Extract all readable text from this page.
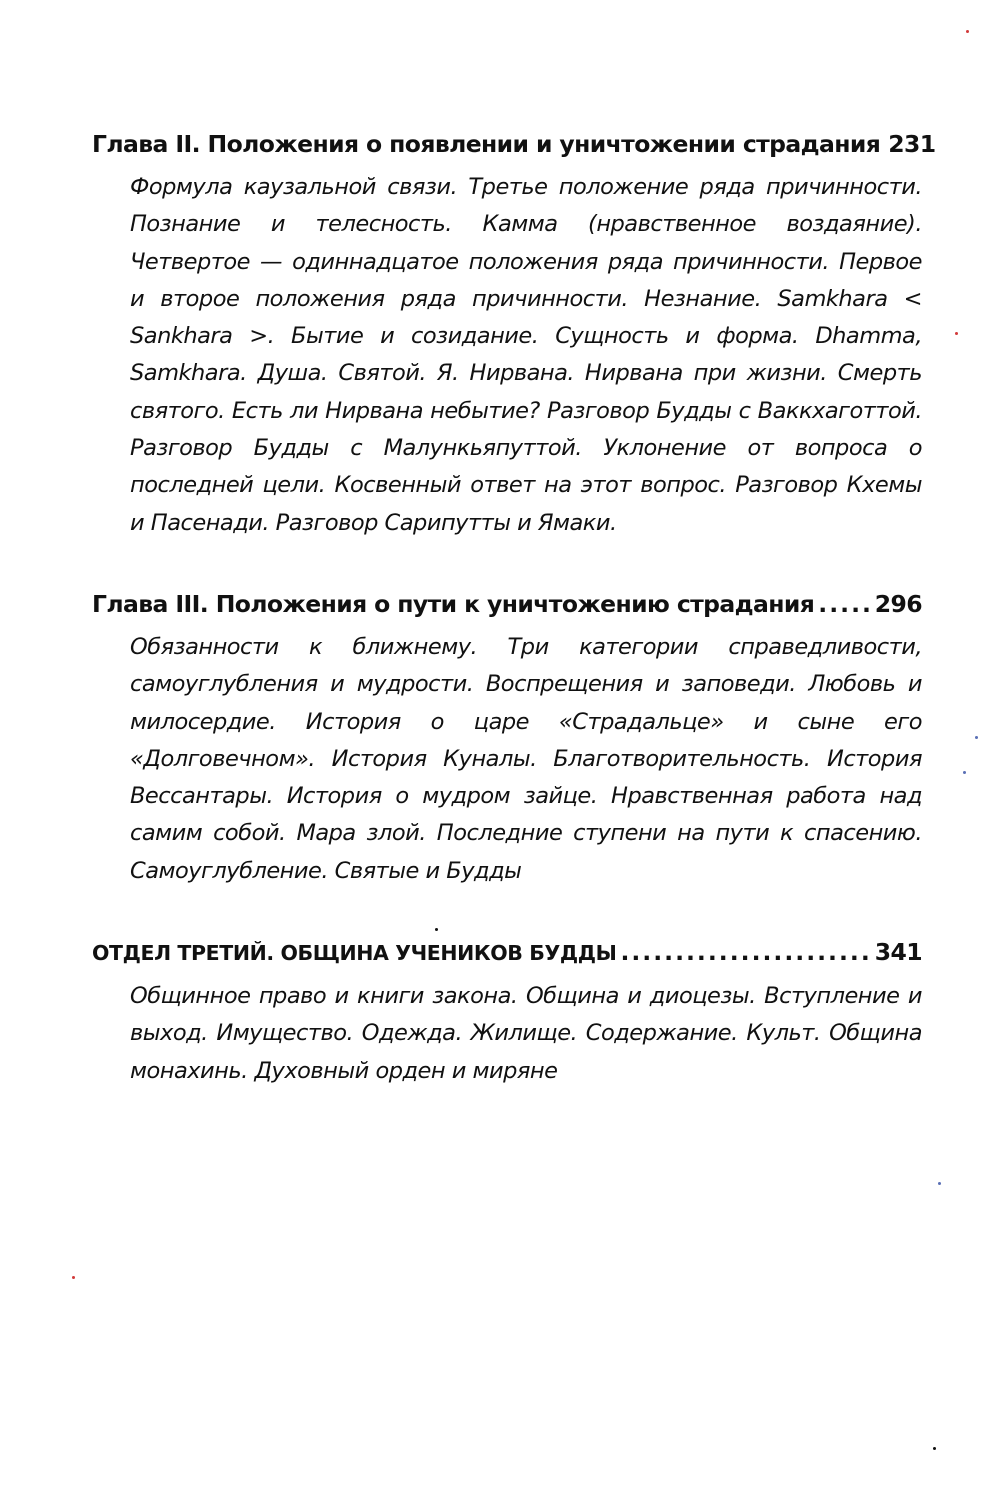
Глава II. Положения о появлении и уничтожении страдания 231

Формула каузальной связи. Третье положение ряда причинности. Познание и телесность. Камма (нравственное воздаяние). Четвертое — одиннадцатое положения ряда причинности. Первое и второе положения ряда причинности. Незнание. Samkhara < Sankhara >. Бытие и созидание. Сущность и форма. Dhamma, Samkhara. Душа. Святой. Я. Нирвана. Нирвана при жизни. Смерть святого. Есть ли Нирвана небытие? Разговор Будды с Ваккхаготтой. Разговор Будды с Малункьяпуттой. Уклонение от вопроса о последней цели. Косвенный ответ на этот вопрос. Разговор Кхемы и Пасенади. Разговор Сарипутты и Ямаки.

Глава III. Положения о пути к уничтожению страдания .....	296

Обязанности к ближнему. Три категории справедливости, самоуглубления и мудрости. Воспрещения и заповеди. Любовь и милосердие. История о царе «Страдальце» и сыне его «Долговечном». История Куналы. Благотворительность. История Вессантары. История о мудром зайце. Нравственная работа над самим собой. Мара злой. Последние ступени на пути к спасению. Самоуглубление. Святые и Будды

ОТДЕЛ ТРЕТИЙ. ОБЩИНА УЧЕНИКОВ БУДДЫ .....	341

Общинное право и книги закона. Община и диоцезы. Вступление и выход. Имущество. Одежда. Жилище. Содержание. Культ. Община монахинь. Духовный орден и миряне
